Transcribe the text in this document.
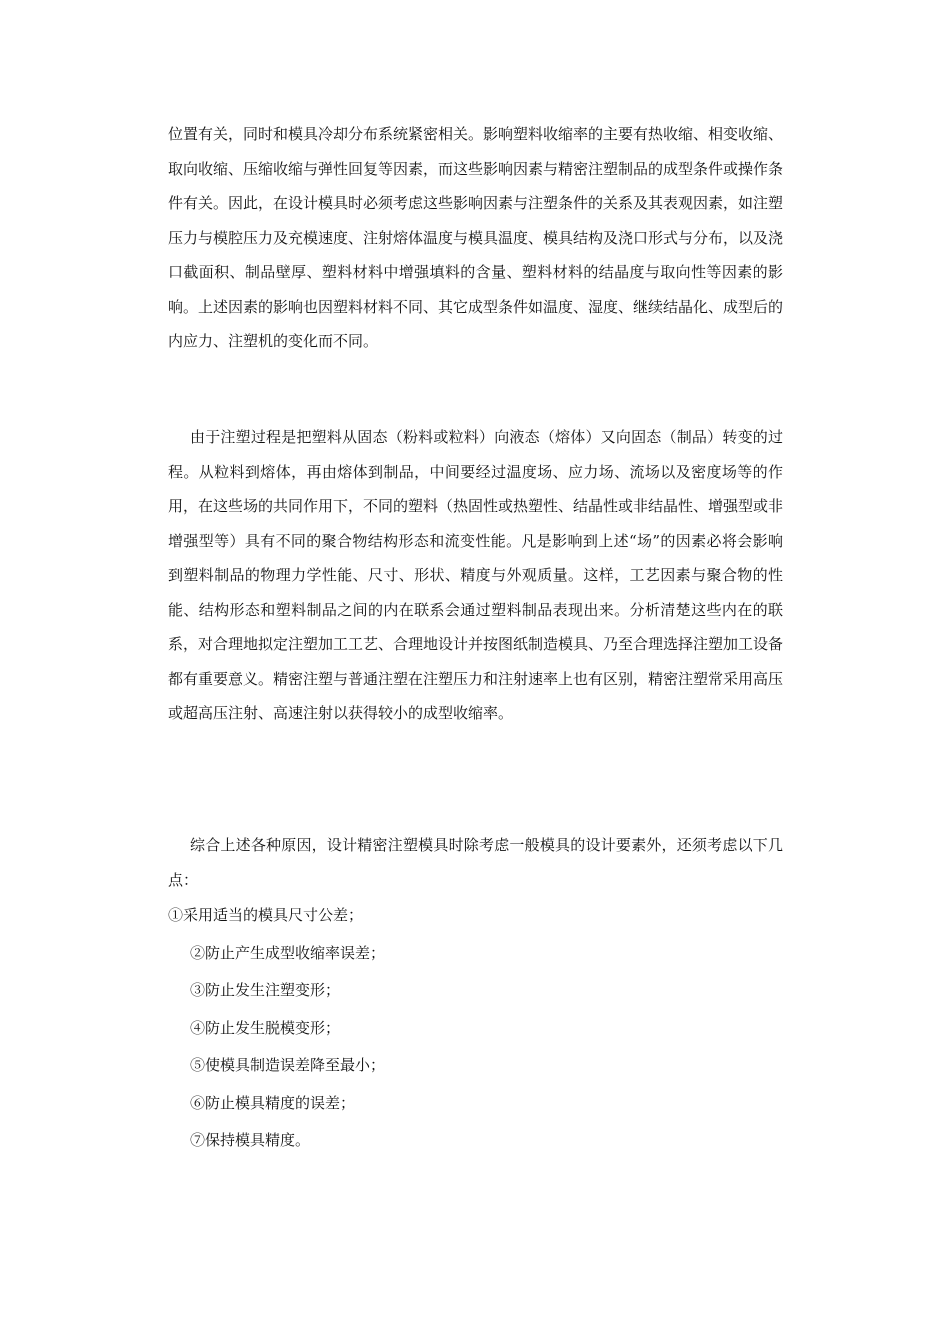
位置有关，同时和模具冷却分布系统紧密相关。影响塑料收缩率的主要有热收缩、相变收缩、取向收缩、压缩收缩与弹性回复等因素，而这些影响因素与精密注塑制品的成型条件或操作条件有关。因此，在设计模具时必须考虑这些影响因素与注塑条件的关系及其表观因素，如注塑压力与模腔压力及充模速度、注射熔体温度与模具温度、模具结构及浇口形式与分布，以及浇口截面积、制品壁厚、塑料材料中增强填料的含量、塑料材料的结晶度与取向性等因素的影响。上述因素的影响也因塑料材料不同、其它成型条件如温度、湿度、继续结晶化、成型后的内应力、注塑机的变化而不同。

由于注塑过程是把塑料从固态（粉料或粒料）向液态（熔体）又向固态（制品）转变的过程。从粒料到熔体，再由熔体到制品，中间要经过温度场、应力场、流场以及密度场等的作用，在这些场的共同作用下，不同的塑料（热固性或热塑性、结晶性或非结晶性、增强型或非增强型等）具有不同的聚合物结构形态和流变性能。凡是影响到上述“场”的因素必将会影响到塑料制品的物理力学性能、尺寸、形状、精度与外观质量。这样，工艺因素与聚合物的性能、结构形态和塑料制品之间的内在联系会通过塑料制品表现出来。分析清楚这些内在的联系，对合理地拟定注塑加工工艺、合理地设计并按图纸制造模具、乃至合理选择注塑加工设备都有重要意义。精密注塑与普通注塑在注塑压力和注射速率上也有区别，精密注塑常采用高压或超高压注射、高速注射以获得较小的成型收缩率。

综合上述各种原因，设计精密注塑模具时除考虑一般模具的设计要素外，还须考虑以下几点：

①采用适当的模具尺寸公差；
②防止产生成型收缩率误差；
③防止发生注塑变形；
④防止发生脱模变形；
⑤使模具制造误差降至最小；
⑥防止模具精度的误差；
⑦保持模具精度。
